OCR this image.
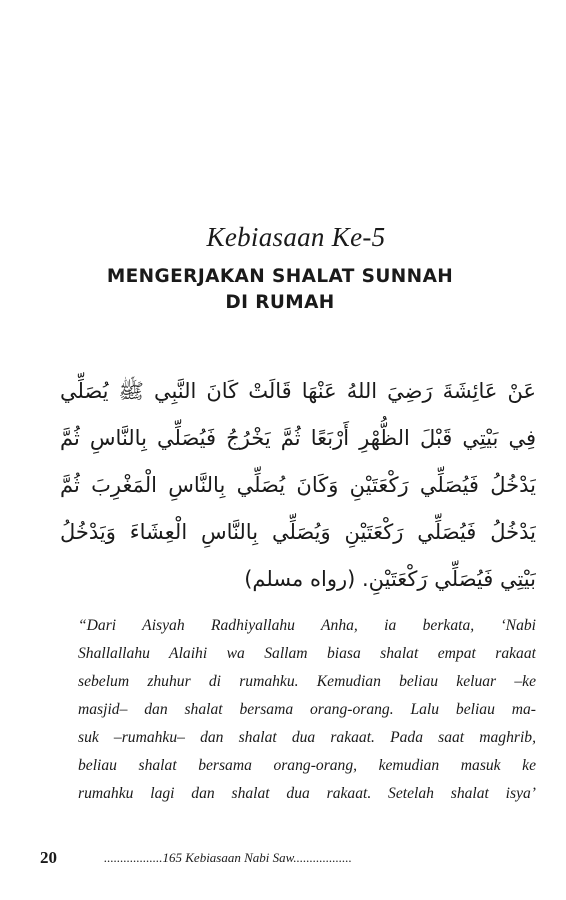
Kebiasaan Ke-5
MENGERJAKAN SHALAT SUNNAH
DI RUMAH
عَنْ عَائِشَةَ رَضِيَ اللهُ عَنْهَا قَالَتْ كَانَ النَّبِي ﷺ يُصَلِّي
فِي بَيْتِي قَبْلَ الظُّهْرِ أَرْبَعًا ثُمَّ يَخْرُجُ فَيُصَلِّي بِالنَّاسِ ثُمَّ
يَدْخُلُ فَيُصَلِّي رَكْعَتَيْنِ وَكَانَ يُصَلِّي بِالنَّاسِ الْمَغْرِبَ ثُمَّ
يَدْخُلُ فَيُصَلِّي رَكْعَتَيْنِ وَيُصَلِّي بِالنَّاسِ الْعِشَاءَ وَيَدْخُلُ
بَيْتِي فَيُصَلِّي رَكْعَتَيْنِ. (رواه مسلم)
“Dari Aisyah Radhiyallahu Anha, ia berkata, ‘Nabi
Shallallahu Alaihi wa Sallam biasa shalat empat rakaat
sebelum zhuhur di rumahku. Kemudian beliau keluar –ke
masjid– dan shalat bersama orang-orang. Lalu beliau ma-
suk –rumahku– dan shalat dua rakaat. Pada saat maghrib,
beliau shalat bersama orang-orang, kemudian masuk ke
rumahku lagi dan shalat dua rakaat. Setelah shalat isya’
20	..................165 Kebiasaan Nabi Saw..................
